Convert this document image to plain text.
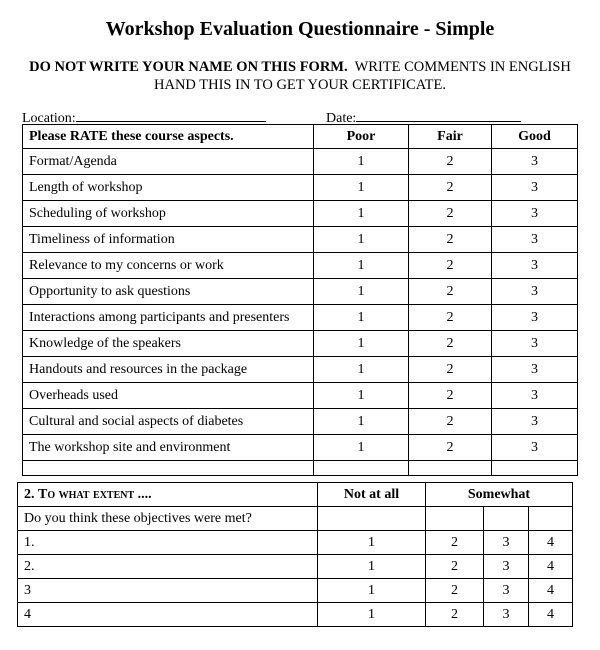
Workshop Evaluation Questionnaire - Simple
DO NOT WRITE YOUR NAME ON THIS FORM. WRITE COMMENTS IN ENGLISH
HAND THIS IN TO GET YOUR CERTIFICATE.
Location:	Date:
Please RATE these course aspects.	Poor	Fair	Good
Format/Agenda	1	2	3
Length of workshop	1	2	3
Scheduling of workshop	1	2	3
Timeliness of information	1	2	3
Relevance to my concerns or work	1	2	3
Opportunity to ask questions	1	2	3
Interactions among participants and presenters	1	2	3
Knowledge of the speakers	1	2	3
Handouts and resources in the package	1	2	3
Overheads used	1	2	3
Cultural and social aspects of diabetes	1	2	3
The workshop site and environment	1	2	3

2. To what extent ....	Not at all	Somewhat		
Do you think these objectives were met?				
1.	1	2	3	4
2.	1	2	3	4
3	1	2	3	4
4	1	2	3	4
